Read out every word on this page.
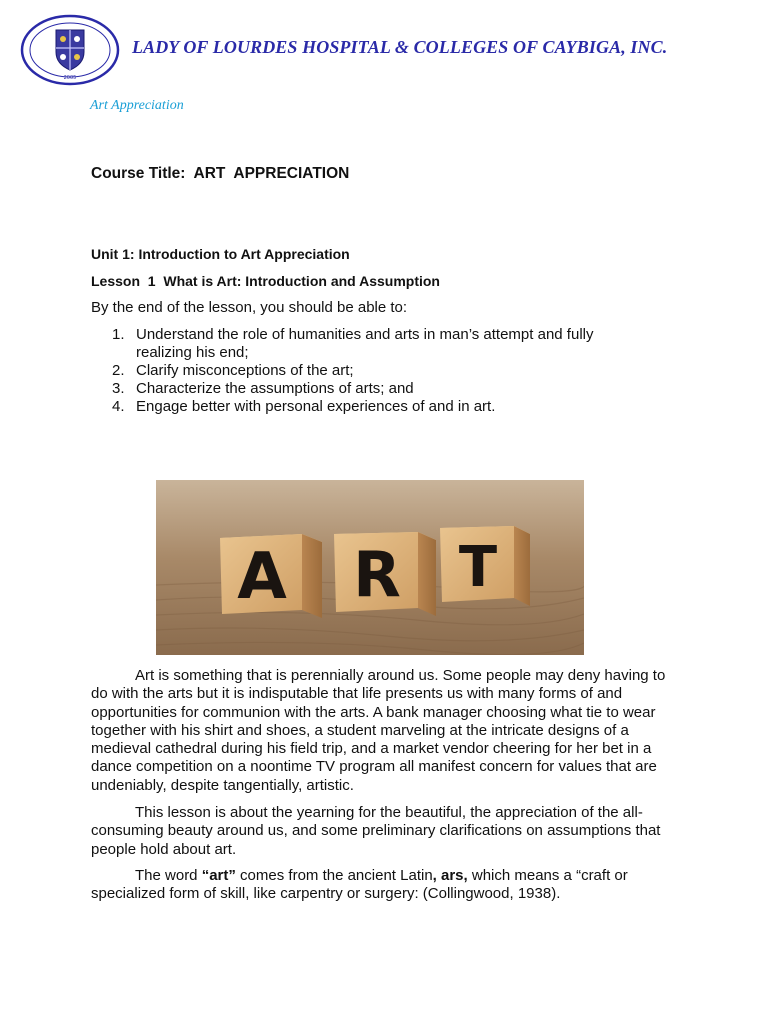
2005
LADY OF LOURDES HOSPITAL & COLLEGES OF CAYBIGA, INC.
Art Appreciation
Course Title: ART  APPRECIATION
Unit 1: Introduction to Art Appreciation
Lesson  1  What is Art: Introduction and Assumption
By the end of the lesson, you should be able to:
1. Understand the role of humanities and arts in man’s attempt and fully realizing his end;
2. Clarify misconceptions of the art;
3. Characterize the assumptions of arts; and
4. Engage better with personal experiences of and in art.
A R T

Art is something that is perennially around us. Some people may deny having to do with the arts but it is indisputable that life presents us with many forms of and opportunities for communion with the arts. A bank manager choosing what tie to wear together with his shirt and shoes, a student marveling at the intricate designs of a medieval cathedral during his field trip, and a market vendor cheering for her bet in a dance competition on a noontime TV program all manifest concern for values that are undeniably, despite tangentially, artistic.

This lesson is about the yearning for the beautiful, the appreciation of the all- consuming beauty around us, and some preliminary clarifications on assumptions that people hold about art.

The word “art” comes from the ancient Latin, ars, which means a “craft or specialized form of skill, like carpentry or surgery: (Collingwood, 1938).
